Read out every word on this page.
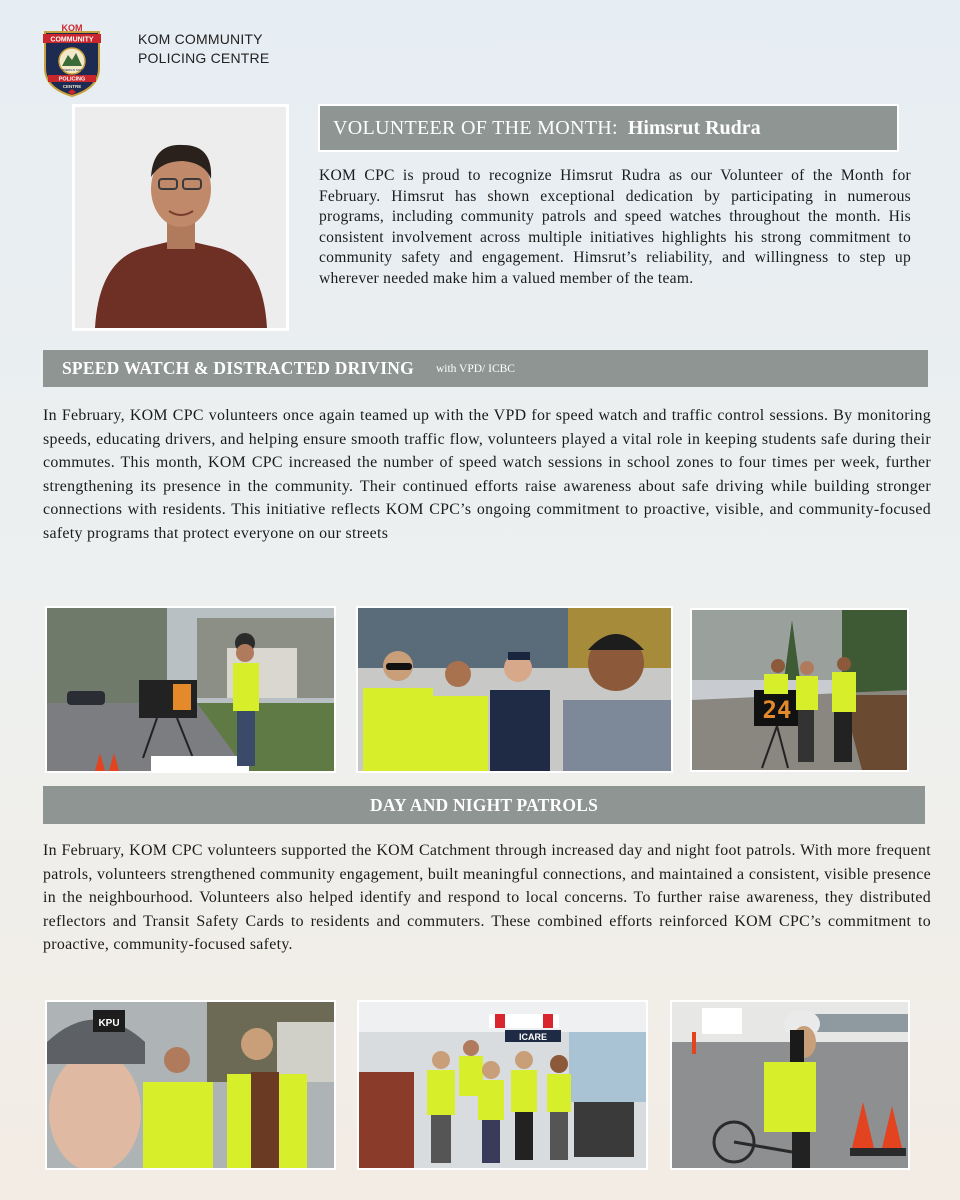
KOM
COMMUNITY
PARTNERS IN SAFETY
POLICING
CENTRE
KOM COMMUNITY
POLICING CENTRE
VOLUNTEER OF THE MONTH: Himsrut Rudra

KOM CPC is proud to recognize Himsrut Rudra as our Volunteer of the Month for February. Himsrut has shown exceptional dedication by participating in numerous programs, including community patrols and speed watches throughout the month. His consistent involvement across multiple initiatives highlights his strong commitment to community safety and engagement. Himsrut’s reliability, and willingness to step up wherever needed make him a valued member of the team.

SPEED WATCH & DISTRACTED DRIVING with VPD/ ICBC

In February, KOM CPC volunteers once again teamed up with the VPD for speed watch and traffic control sessions. By monitoring speeds, educating drivers, and helping ensure smooth traffic flow, volunteers played a vital role in keeping students safe during their commutes. This month, KOM CPC increased the number of speed watch sessions in school zones to four times per week, further strengthening its presence in the community. Their continued efforts raise awareness about safe driving while building stronger connections with residents. This initiative reflects KOM CPC’s ongoing commitment to proactive, visible, and community-focused safety programs that protect everyone on our streets

24
DAY AND NIGHT PATROLS

In February, KOM CPC volunteers supported the KOM Catchment through increased day and night foot patrols. With more frequent patrols, volunteers strengthened community engagement, built meaningful connections, and maintained a consistent, visible presence in the neighbourhood. Volunteers also helped identify and respond to local concerns. To further raise awareness, they distributed reflectors and Transit Safety Cards to residents and commuters. These combined efforts reinforced KOM CPC’s commitment to proactive, community-focused safety.

KPU
ICARE
